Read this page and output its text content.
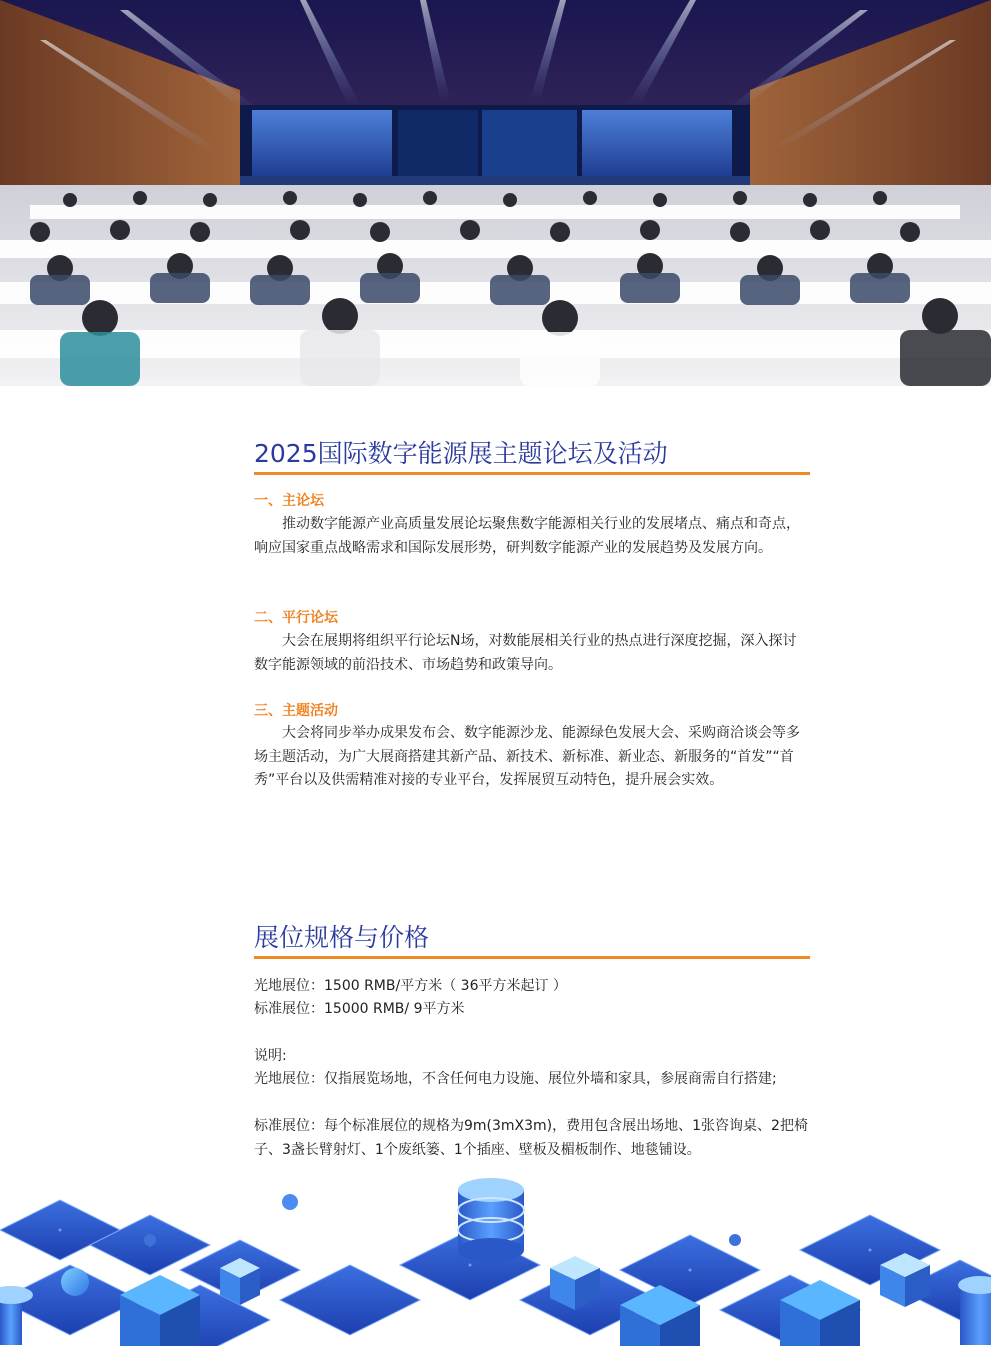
2025国际数字能源展主题论坛及活动
一、主论坛
推动数字能源产业高质量发展论坛聚焦数字能源相关行业的发展堵点、痛点和奇点，响应国家重点战略需求和国际发展形势，研判数字能源产业的发展趋势及发展方向。
二、平行论坛
大会在展期将组织平行论坛N场，对数能展相关行业的热点进行深度挖掘，深入探讨数字能源领域的前沿技术、市场趋势和政策导向。
三、主题活动
大会将同步举办成果发布会、数字能源沙龙、能源绿色发展大会、采购商洽谈会等多场主题活动，为广大展商搭建其新产品、新技术、新标准、新业态、新服务的“首发”“首秀”平台以及供需精准对接的专业平台，发挥展贸互动特色，提升展会实效。
展位规格与价格
光地展位：1500 RMB/平方米（ 36平方米起订 ）
标准展位：15000 RMB/ 9平方米
说明:
光地展位：仅指展览场地，不含任何电力设施、展位外墙和家具，参展商需自行搭建;
标准展位：每个标准展位的规格为9m(3mX3m)，费用包含展出场地、1张咨询桌、2把椅子、3盏长臂射灯、1个废纸篓、1个插座、壁板及楣板制作、地毯铺设。
